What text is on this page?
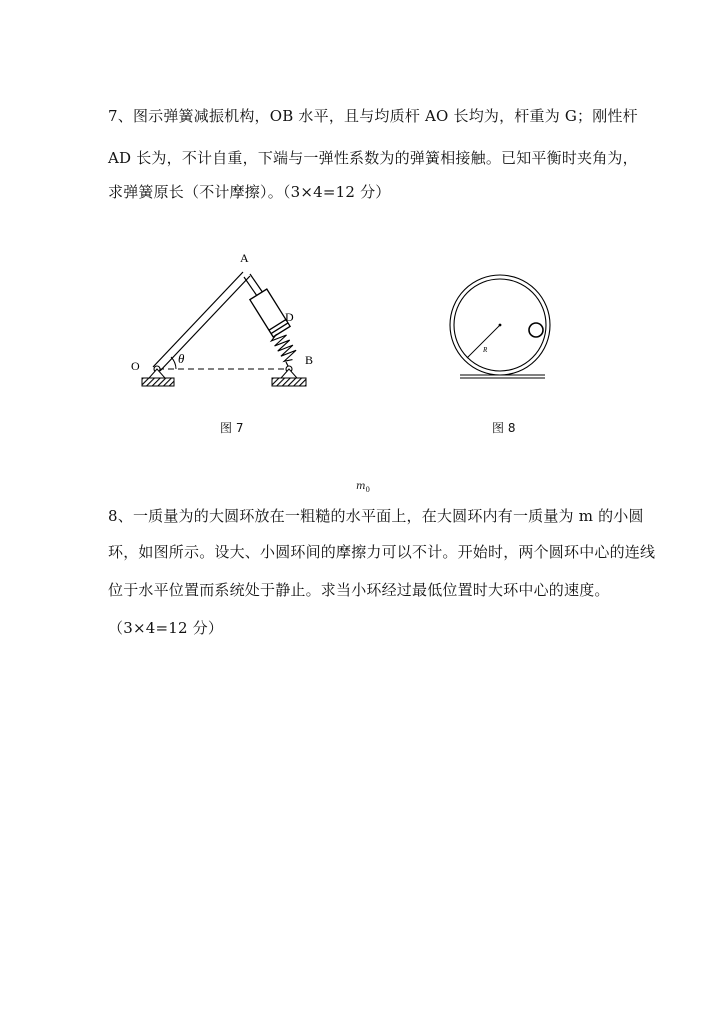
7、图示弹簧减振机构，OB 水平，且与均质杆 AO 长均为，杆重为 G；刚性杆
AD 长为，不计自重，下端与一弹性系数为的弹簧相接触。已知平衡时夹角为，
求弹簧原长（不计摩擦）。（3×4=12 分）
A
D
O	B
θ
R
图 7	图 8
$m_0$
8、一质量为的大圆环放在一粗糙的水平面上，在大圆环内有一质量为 m 的小圆
环，如图所示。设大、小圆环间的摩擦力可以不计。开始时，两个圆环中心的连线
位于水平位置而系统处于静止。求当小环经过最低位置时大环中心的速度。
（3×4=12 分）
